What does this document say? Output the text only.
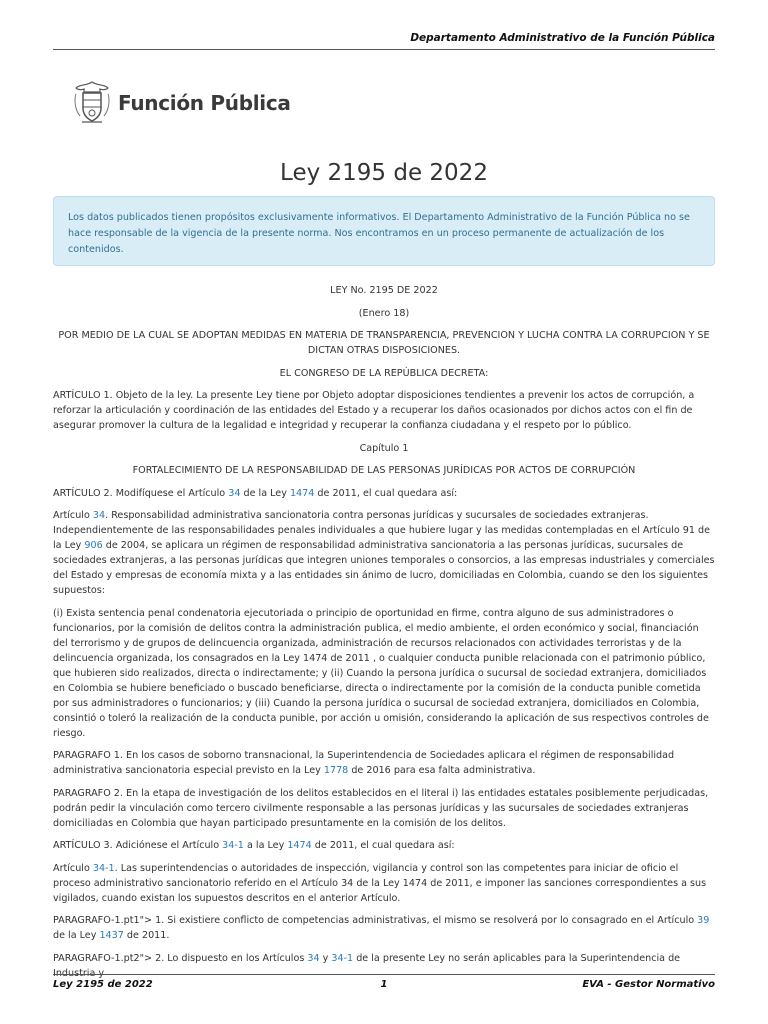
Departamento Administrativo de la Función Pública
Función Pública
Ley 2195 de 2022
Los datos publicados tienen propósitos exclusivamente informativos. El Departamento Administrativo de la Función Pública no se hace responsable de la vigencia de la presente norma. Nos encontramos en un proceso permanente de actualización de los contenidos.

LEY No. 2195 DE 2022

(Enero 18)

POR MEDIO DE LA CUAL SE ADOPTAN MEDIDAS EN MATERIA DE TRANSPARENCIA, PREVENCION Y LUCHA CONTRA LA CORRUPCION Y SE DICTAN OTRAS DISPOSICIONES.

EL CONGRESO DE LA REPÚBLICA DECRETA:

ARTÍCULO 1. Objeto de la ley. La presente Ley tiene por Objeto adoptar disposiciones tendientes a prevenir los actos de corrupción, a reforzar la articulación y coordinación de las entidades del Estado y a recuperar los daños ocasionados por dichos actos con el fin de asegurar promover la cultura de la legalidad e integridad y recuperar la confianza ciudadana y el respeto por lo público.

Capítulo 1

FORTALECIMIENTO DE LA RESPONSABILIDAD DE LAS PERSONAS JURÍDICAS POR ACTOS DE CORRUPCIÓN

ARTÍCULO 2. Modifíquese el Artículo 34 de la Ley 1474 de 2011, el cual quedara así:

Artículo 34. Responsabilidad administrativa sancionatoria contra personas jurídicas y sucursales de sociedades extranjeras. Independientemente de las responsabilidades penales individuales a que hubiere lugar y las medidas contempladas en el Artículo 91 de la Ley 906 de 2004, se aplicara un régimen de responsabilidad administrativa sancionatoria a las personas jurídicas, sucursales de sociedades extranjeras, a las personas jurídicas que integren uniones temporales o consorcios, a las empresas industriales y comerciales del Estado y empresas de economía mixta y a las entidades sin ánimo de lucro, domiciliadas en Colombia, cuando se den los siguientes supuestos:

(i) Exista sentencia penal condenatoria ejecutoriada o principio de oportunidad en firme, contra alguno de sus administradores o funcionarios, por la comisión de delitos contra la administración publica, el medio ambiente, el orden económico y social, financiación del terrorismo y de grupos de delincuencia organizada, administración de recursos relacionados con actividades terroristas y de la delincuencia organizada, los consagrados en la Ley 1474 de 2011 , o cualquier conducta punible relacionada con el patrimonio público, que hubieren sido realizados, directa o indirectamente; y (ii) Cuando la persona jurídica o sucursal de sociedad extranjera, domiciliados en Colombia se hubiere beneficiado o buscado beneficiarse, directa o indirectamente por la comisión de la conducta punible cometida por sus administradores o funcionarios; y (iii) Cuando la persona jurídica o sucursal de sociedad extranjera, domiciliados en Colombia, consintió o toleró la realización de la conducta punible, por acción u omisión, considerando la aplicación de sus respectivos controles de riesgo.

PARAGRAFO 1. En los casos de soborno transnacional, la Superintendencia de Sociedades aplicara el régimen de responsabilidad administrativa sancionatoria especial previsto en la Ley 1778 de 2016 para esa falta administrativa.

PARAGRAFO 2. En la etapa de investigación de los delitos establecidos en el literal i) las entidades estatales posiblemente perjudicadas, podrán pedir la vinculación como tercero civilmente responsable a las personas jurídicas y las sucursales de sociedades extranjeras domiciliadas en Colombia que hayan participado presuntamente en la comisión de los delitos.

ARTÍCULO 3. Adiciónese el Artículo 34-1 a la Ley 1474 de 2011, el cual quedara así:

Artículo 34-1. Las superintendencias o autoridades de inspección, vigilancia y control son las competentes para iniciar de oficio el proceso administrativo sancionatorio referido en el Artículo 34 de la Ley 1474 de 2011, e imponer las sanciones correspondientes a sus vigilados, cuando existan los supuestos descritos en el anterior Artículo.

PARAGRAFO-1.pt1"> 1. Si existiere conflicto de competencias administrativas, el mismo se resolverá por lo consagrado en el Artículo 39 de la Ley 1437 de 2011.

PARAGRAFO-1.pt2"> 2. Lo dispuesto en los Artículos 34 y 34-1 de la presente Ley no serán aplicables para la Superintendencia de Industria y

Ley 2195 de 2022	1	EVA - Gestor Normativo
